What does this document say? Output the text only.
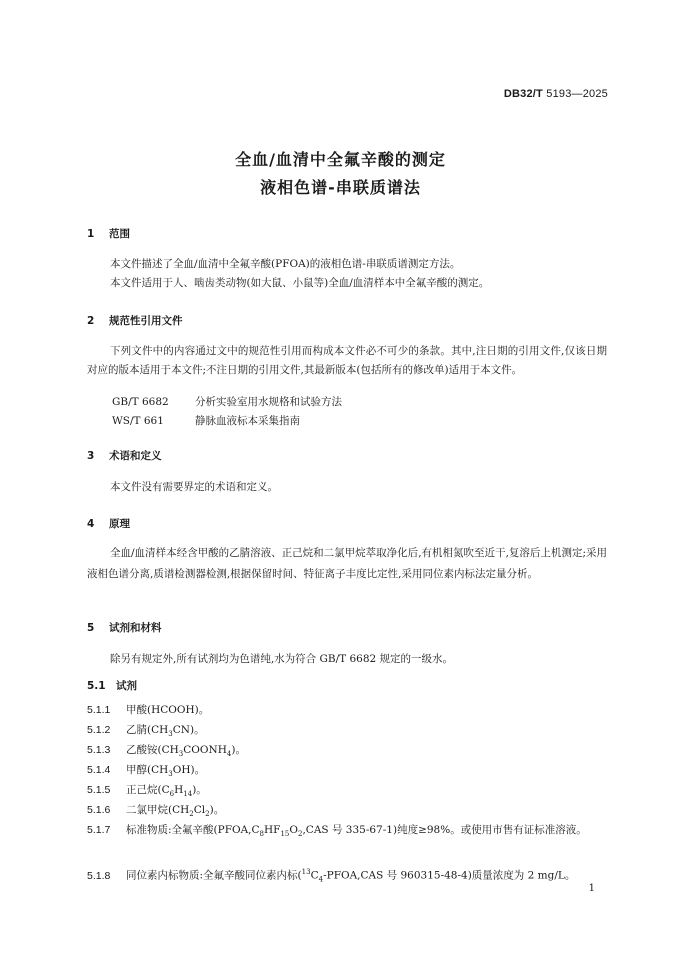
DB32/T 5193—2025
全血/血清中全氟辛酸的测定
液相色谱-串联质谱法
1 范围
本文件描述了全血/血清中全氟辛酸(PFOA)的液相色谱-串联质谱测定方法。
本文件适用于人、啮齿类动物(如大鼠、小鼠等)全血/血清样本中全氟辛酸的测定。
2 规范性引用文件
下列文件中的内容通过文中的规范性引用而构成本文件必不可少的条款。其中,注日期的引用文件,仅该日期对应的版本适用于本文件;不注日期的引用文件,其最新版本(包括所有的修改单)适用于本文件。
GB/T 6682	分析实验室用水规格和试验方法
WS/T 661	静脉血液标本采集指南
3 术语和定义
本文件没有需要界定的术语和定义。
4 原理
全血/血清样本经含甲酸的乙腈溶液、正己烷和二氯甲烷萃取净化后,有机相氮吹至近干,复溶后上机测定;采用液相色谱分离,质谱检测器检测,根据保留时间、特征离子丰度比定性,采用同位素内标法定量分析。
5 试剂和材料
除另有规定外,所有试剂均为色谱纯,水为符合 GB/T 6682 规定的一级水。
5.1 试剂
5.1.1 甲酸(HCOOH)。
5.1.2 乙腈$(CH_3CN)$。
5.1.3 乙酸铵$(CH_3COONH_4)$。
5.1.4 甲醇$(CH_3OH)$。
5.1.5 正己烷$(C_6H_{14})$。
5.1.6 二氯甲烷$(CH_2Cl_2)$。
5.1.7 标准物质:全氟辛酸($PFOA,C_8HF_{15}O_2,CAS$ 号 335-67-1)纯度≥98%。或使用市售有证标准溶液。
5.1.8 同位素内标物质:全氟辛酸同位素内标($^{13}C_4-PFOA,CAS$ 号 960315-48-4)质量浓度为 2 mg/L。
1
